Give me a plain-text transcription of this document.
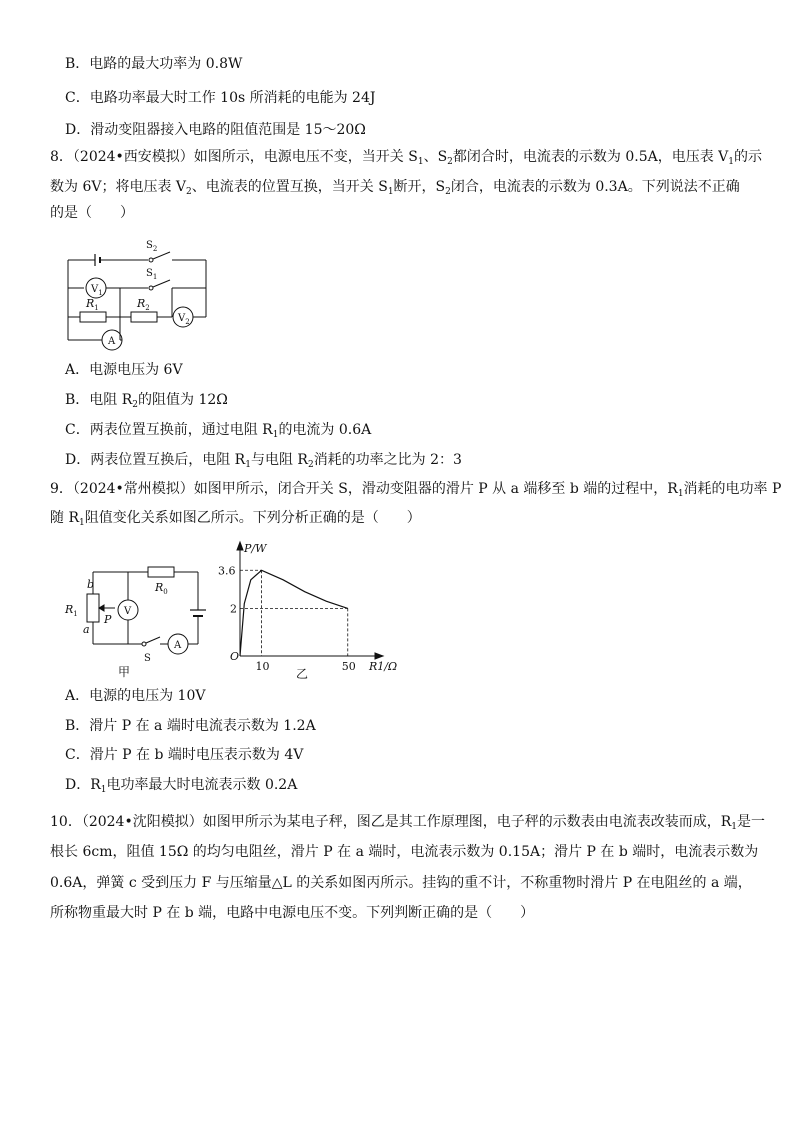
B．电路的最大功率为 0.8W
C．电路功率最大时工作 10s 所消耗的电能为 24J
D．滑动变阻器接入电路的阻值范围是 15～20Ω
8．（2024•西安模拟）如图所示，电源电压不变，当开关 $S_1$、$S_2$都闭合时，电流表的示数为 0.5A，电压表 $V_1$的示
数为 6V；将电压表 $V_2$、电流表的位置互换，当开关 $S_1$断开，$S_2$闭合，电流表的示数为 0.3A。下列说法不正确
的是（　　）
$S_2$
$S_1$
$V_1$
$R_1$	$R_2$
$V_2$
A
A．电源电压为 6V
B．电阻 $R_2$的阻值为 12Ω
C．两表位置互换前，通过电阻 $R_1$的电流为 0.6A
D．两表位置互换后，电阻 $R_1$与电阻 $R_2$消耗的功率之比为 2：3
9．（2024•常州模拟）如图甲所示，闭合开关 S，滑动变阻器的滑片 P 从 a 端移至 b 端的过程中，$R_1$消耗的电功率 P
随 $R_1$阻值变化关系如图乙所示。下列分析正确的是（　　）
b
a
$R_1$ P
$R_0$
V
A
S
甲
O
10	50
3.6
2
P/W
R1/Ω
乙
A．电源的电压为 10V
B．滑片 P 在 a 端时电流表示数为 1.2A
C．滑片 P 在 b 端时电压表示数为 4V
D．$R_1$电功率最大时电流表示数 0.2A
10．（2024•沈阳模拟）如图甲所示为某电子秤，图乙是其工作原理图，电子秤的示数表由电流表改装而成，$R_1$是一
根长 6cm，阻值 15Ω 的均匀电阻丝，滑片 P 在 a 端时，电流表示数为 0.15A；滑片 P 在 b 端时，电流表示数为
0.6A，弹簧 c 受到压力 F 与压缩量△L 的关系如图丙所示。挂钩的重不计，不称重物时滑片 P 在电阻丝的 a 端，
所称物重最大时 P 在 b 端，电路中电源电压不变。下列判断正确的是（　　）
